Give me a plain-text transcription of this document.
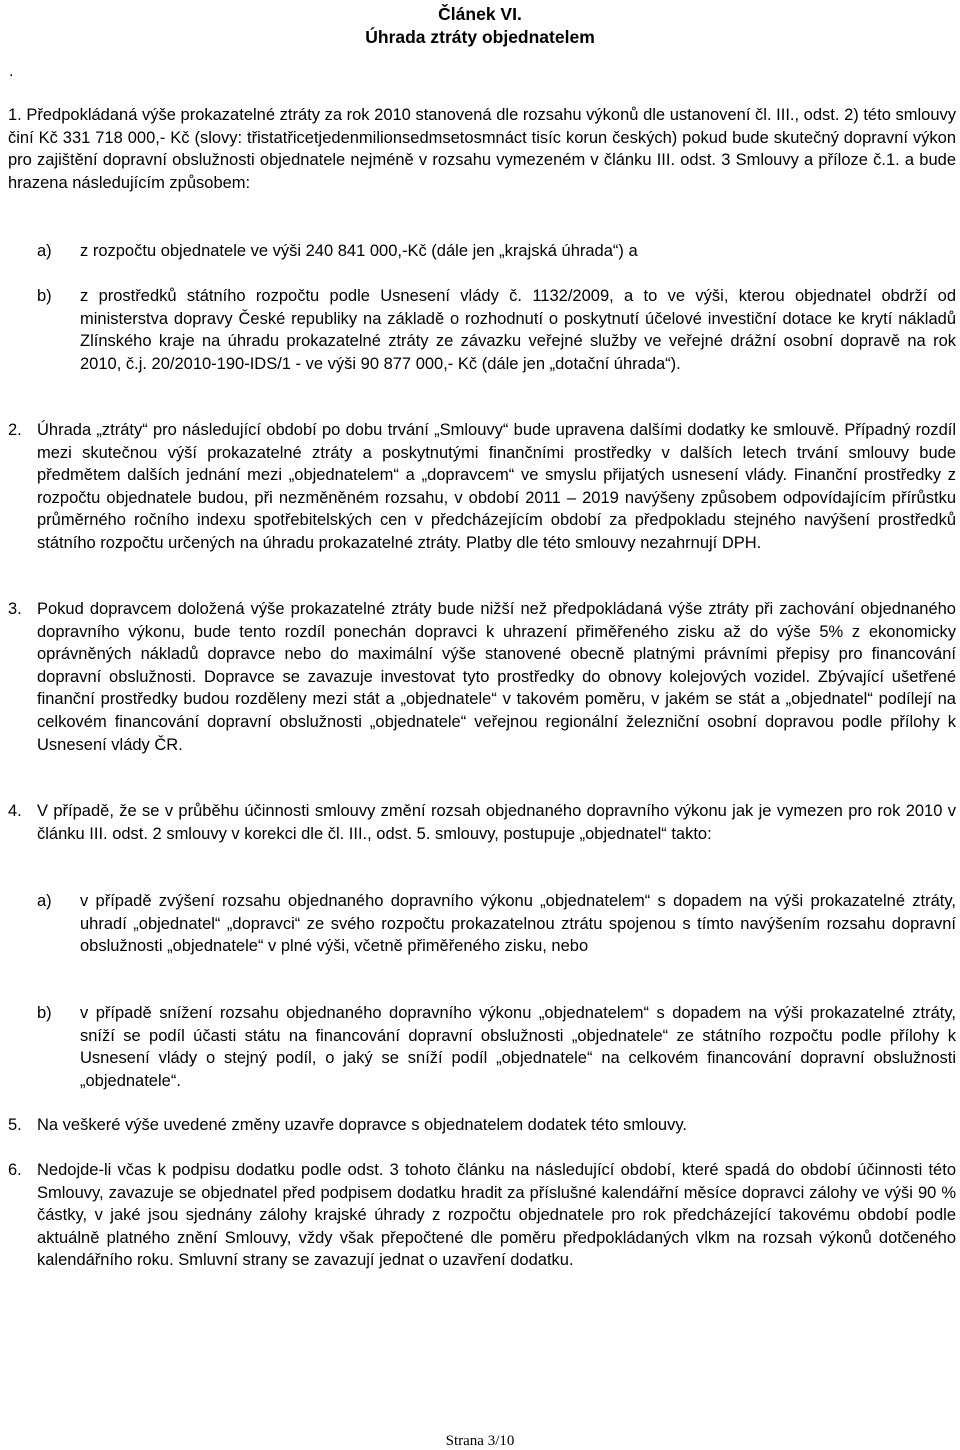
Článek VI.
Úhrada ztráty objednatelem
.

1. Předpokládaná výše prokazatelné ztráty za rok 2010 stanovená dle rozsahu výkonů dle ustanovení čl. III., odst. 2) této smlouvy činí Kč 331 718 000,- Kč (slovy: třistatřicetjedenmilionsedmsetosmnáct tisíc korun českých) pokud bude skutečný dopravní výkon pro zajištění dopravní obslužnosti objednatele nejméně v rozsahu vymezeném v článku III. odst. 3 Smlouvy a příloze č.1. a bude hrazena následujícím způsobem:

a) z rozpočtu objednatele ve výši 240 841 000,-Kč (dále jen „krajská úhrada“) a

b) z prostředků státního rozpočtu podle Usnesení vlády č. 1132/2009, a to ve výši, kterou objednatel obdrží od ministerstva dopravy České republiky na základě o rozhodnutí o poskytnutí účelové investiční dotace ke krytí nákladů Zlínského kraje na úhradu prokazatelné ztráty ze závazku veřejné služby ve veřejné drážní osobní dopravě na rok 2010, č.j. 20/2010-190-IDS/1 - ve výši 90 877 000,- Kč (dále jen „dotační úhrada“).

2. Úhrada „ztráty“ pro následující období po dobu trvání „Smlouvy“ bude upravena dalšími dodatky ke smlouvě. Případný rozdíl mezi skutečnou výší prokazatelné ztráty a poskytnutými finančními prostředky v dalších letech trvání smlouvy bude předmětem dalších jednání mezi „objednatelem“ a „dopravcem“ ve smyslu přijatých usnesení vlády. Finanční prostředky z rozpočtu objednatele budou, při nezměněném rozsahu, v období 2011 – 2019 navýšeny způsobem odpovídajícím přírůstku průměrného ročního indexu spotřebitelských cen v předcházejícím období za předpokladu stejného navýšení prostředků státního rozpočtu určených na úhradu prokazatelné ztráty. Platby dle této smlouvy nezahrnují DPH.

3. Pokud dopravcem doložená výše prokazatelné ztráty bude nižší než předpokládaná výše ztráty při zachování objednaného dopravního výkonu, bude tento rozdíl ponechán dopravci k uhrazení přiměřeného zisku až do výše 5% z ekonomicky oprávněných nákladů dopravce nebo do maximální výše stanovené obecně platnými právními přepisy pro financování dopravní obslužnosti. Dopravce se zavazuje investovat tyto prostředky do obnovy kolejových vozidel. Zbývající ušetřené finanční prostředky budou rozděleny mezi stát a „objednatele“ v takovém poměru, v jakém se stát a „objednatel“ podílejí na celkovém financování dopravní obslužnosti „objednatele“ veřejnou regionální železniční osobní dopravou podle přílohy k Usnesení vlády ČR.

4. V případě, že se v průběhu účinnosti smlouvy změní rozsah objednaného dopravního výkonu jak je vymezen pro rok 2010 v článku III. odst. 2 smlouvy v korekci dle čl. III., odst. 5. smlouvy, postupuje „objednatel“ takto:

a) v případě zvýšení rozsahu objednaného dopravního výkonu „objednatelem“ s dopadem na výši prokazatelné ztráty, uhradí „objednatel“ „dopravci“ ze svého rozpočtu prokazatelnou ztrátu spojenou s tímto navýšením rozsahu dopravní obslužnosti „objednatele“ v plné výši, včetně přiměřeného zisku, nebo

b) v případě snížení rozsahu objednaného dopravního výkonu „objednatelem“ s dopadem na výši prokazatelné ztráty, sníží se podíl účasti státu na financování dopravní obslužnosti „objednatele“ ze státního rozpočtu podle přílohy k Usnesení vlády o stejný podíl, o jaký se sníží podíl „objednatele“ na celkovém financování dopravní obslužnosti „objednatele“.

5. Na veškeré výše uvedené změny uzavře dopravce s objednatelem dodatek této smlouvy.

6. Nedojde-li včas k podpisu dodatku podle odst. 3 tohoto článku na následující období, které spadá do období účinnosti této Smlouvy, zavazuje se objednatel před podpisem dodatku hradit za příslušné kalendářní měsíce dopravci zálohy ve výši 90 % částky, v jaké jsou sjednány zálohy krajské úhrady z rozpočtu objednatele pro rok předcházející takovému období podle aktuálně platného znění Smlouvy, vždy však přepočtené dle poměru předpokládaných vlkm na rozsah výkonů dotčeného kalendářního roku. Smluvní strany se zavazují jednat o uzavření dodatku.

Strana 3/10
